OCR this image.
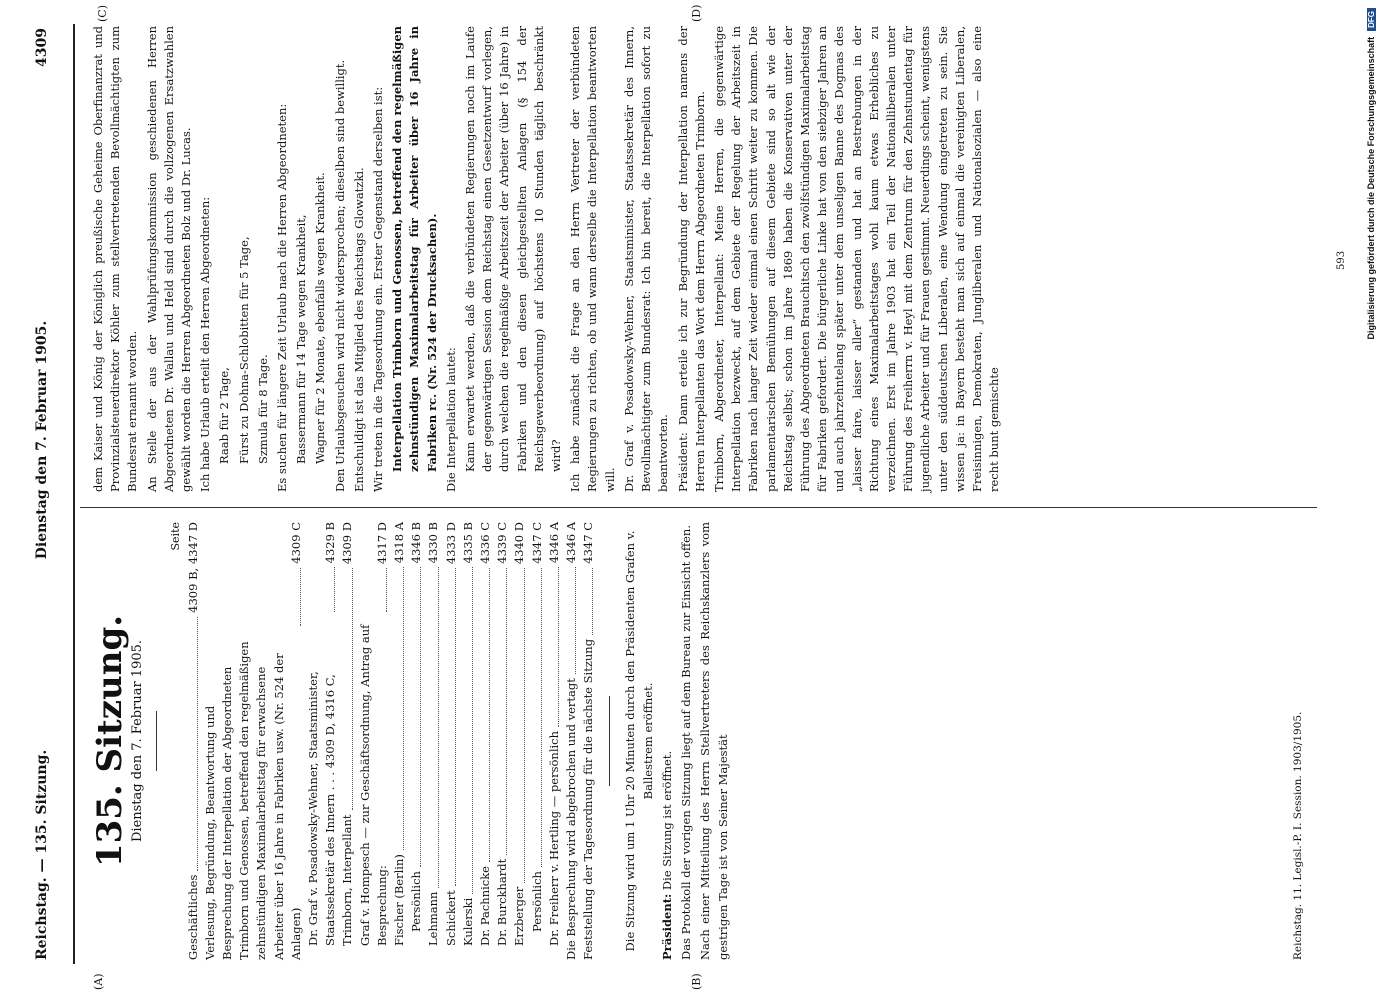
Reichstag. — 135. Sitzung.
Dienstag den 7. Februar 1905.
4309
(A)	(B)
(C)	(D)
135. Sitzung. Dienstag den 7. Februar 1905.
Seite
Geschäftliches
4309 B, 4347 D
Verlesung, Begründung, Beantwortung und Besprechung der Interpellation der Abgeordneten Trimborn und Genossen, betreffend den regelmäßigen zehnstündigen Maximalarbeitstag für erwachsene Arbeiter über 16 Jahre in Fabriken usw. (Nr. 524 der Anlagen)
4309 C
Dr. Graf v. Posadowsky-Wehner, Staatsminister, Staatssekretär des Innern . . . 4309 D, 4316 C,
4329 B
Trimborn, Interpellant
4309 D
Graf v. Hompesch — zur Geschäftsordnung, Antrag auf Besprechung:
4317 D
Fischer (Berlin)
4318 A
Persönlich
4346 B
Lehmann
4330 B
Schickert
4333 D
Kulerski
4335 B
Dr. Pachnicke
4336 C
Dr. Burckhardt
4339 C
Erzberger
4340 D
Persönlich
4347 C
Dr. Freiherr v. Hertling — persönlich
4346 A
Die Besprechung wird abgebrochen und vertagt
4346 A
Feststellung der Tagesordnung für die nächste Sitzung
4347 C Die Sitzung wird um 1 Uhr 20 Minuten durch den Präsidenten Grafen v. Ballestrem eröffnet.

Präsident: Die Sitzung ist eröffnet. Das Protokoll der vorigen Sitzung liegt auf dem Bureau zur Einsicht offen. Nach einer Mitteilung des Herrn Stellvertreters des Reichskanzlers vom gestrigen Tage ist von Seiner Majestät	Reichstag. 11. Legisl.-P. I. Session. 1903/1905.

dem Kaiser und König der Königlich preußische Geheime Oberfinanzrat und Provinzialsteuerdirektor Köhler zum stellvertretenden Bevollmächtigten zum Bundesrat ernannt worden. An Stelle der aus der Wahlprüfungskommission geschiedenen Herren Abgeordneten Dr. Wallau und Held sind durch die vollzogenen Ersatzwahlen gewählt worden die Herren Abgeordneten Bolz und Dr. Lucas. Ich habe Urlaub erteilt den Herren Abgeordneten: Raab für 2 Tage, Fürst zu Dohna-Schlobitten für 5 Tage, Szmula für 8 Tage. Es suchen für längere Zeit Urlaub nach die Herren Abgeordneten: Bassermann für 14 Tage wegen Krankheit, Wagner für 2 Monate, ebenfalls wegen Krankheit. Den Urlaubsgesuchen wird nicht widersprochen; dieselben sind bewilligt. Entschuldigt ist das Mitglied des Reichstags Glowatzki. Wir treten in die Tagesordnung ein. Erster Gegenstand derselben ist: Interpellation Trimborn und Genossen, betreffend den regelmäßigen zehnstündigen Maximalarbeitstag für Arbeiter über 16 Jahre in Fabriken rc. (Nr. 524 der Drucksachen). Die Interpellation lautet: Kann erwartet werden, daß die verbündeten Regierungen noch im Laufe der gegenwärtigen Session dem Reichstag einen Gesetzentwurf vorlegen, durch welchen die regelmäßige Arbeitszeit der Arbeiter (über 16 Jahre) in Fabriken und den diesen gleichgestellten Anlagen (§ 154 der Reichsgewerbeordnung) auf höchstens 10 Stunden täglich beschränkt wird? Ich habe zunächst die Frage an den Herrn Vertreter der verbündeten Regierungen zu richten, ob und wann derselbe die Interpellation beantworten will. Dr. Graf v. Posadowsky-Wehner, Staatsminister, Staatssekretär des Innern, Bevollmächtigter zum Bundesrat: Ich bin bereit, die Interpellation sofort zu beantworten. Präsident: Dann erteile ich zur Begründung der Interpellation namens der Herren Interpellanten das Wort dem Herrn Abgeordneten Trimborn. Trimborn, Abgeordneter, Interpellant: Meine Herren, die gegenwärtige Interpellation bezweckt, auf dem Gebiete der Regelung der Arbeitszeit in Fabriken nach langer Zeit wieder einmal einen Schritt weiter zu kommen. Die parlamentarischen Bemühungen auf diesem Gebiete sind so alt wie der Reichstag selbst; schon im Jahre 1869 haben die Konservativen unter der Führung des Abgeordneten Brauchitsch den zwölfstündigen Maximalarbeitstag für Fabriken gefordert. Die bürgerliche Linke hat von den siebziger Jahren an und auch jahrzehntelang später unter dem unseligen Banne des Dogmas des „laisser faire, laisser aller“ gestanden und hat an Bestrebungen in der Richtung eines Maximalarbeitstages wohl kaum etwas Erhebliches zu verzeichnen. Erst im Jahre 1903 hat ein Teil der Nationalliberalen unter Führung des Freiherrn v. Heyl mit dem Zentrum für den Zehnstundentag für jugendliche Arbeiter und für Frauen gestimmt. Neuerdings scheint, wenigstens unter den süddeutschen Liberalen, eine Wendung eingetreten zu sein. Sie wissen ja: in Bayern besteht man sich auf einmal die vereinigten Liberalen, Freisinnigen, Demokraten, Jungliberalen und Nationalsozialen — also eine recht bunt gemischte

593 Digitalisierung gefördert durch die Deutsche Forschungsgemeinschaft
DFG
